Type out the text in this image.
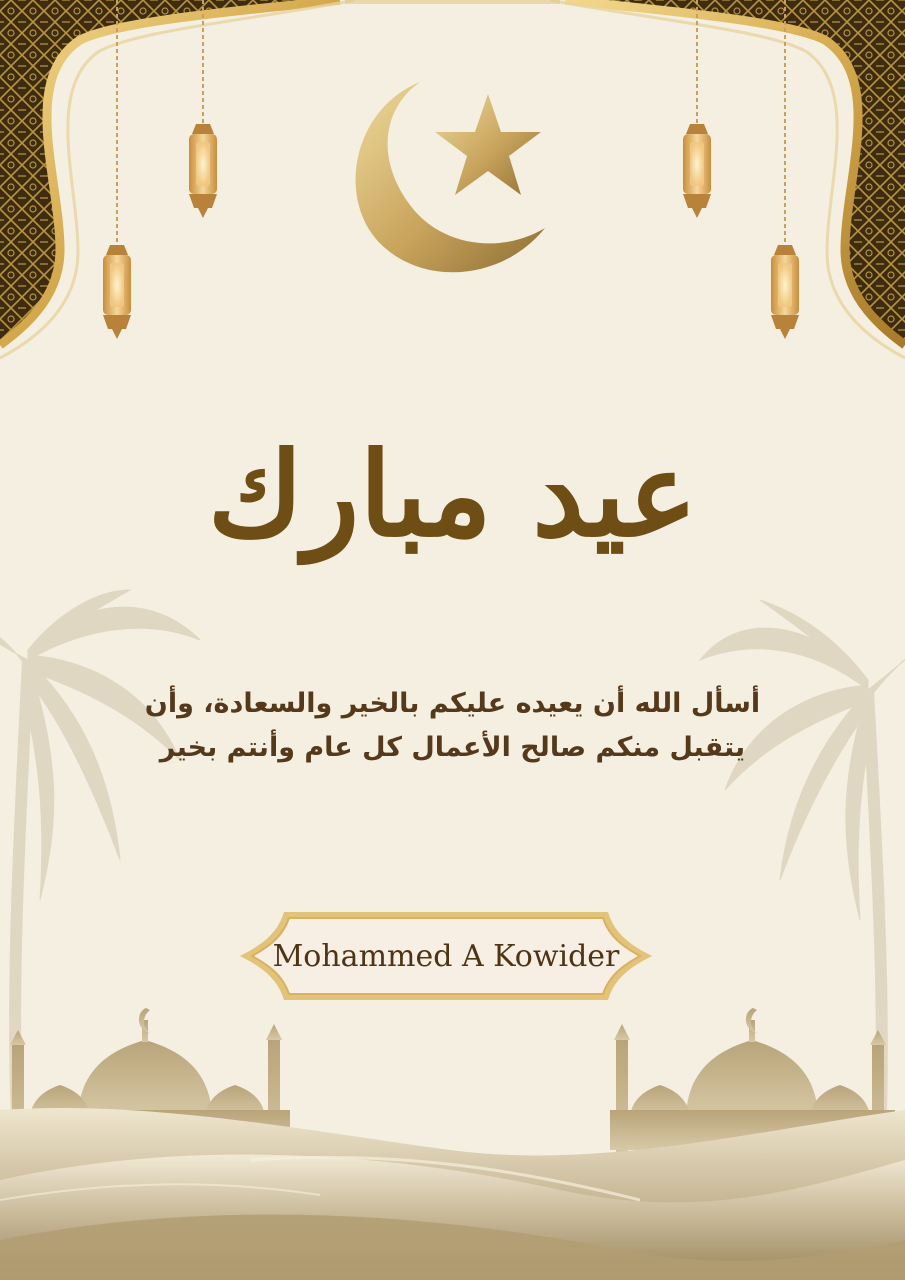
عيد مبارك

أسأل الله أن يعيده عليكم بالخير والسعادة، وأن

يتقبل منكم صالح الأعمال كل عام وأنتم بخير

Mohammed A Kowider
